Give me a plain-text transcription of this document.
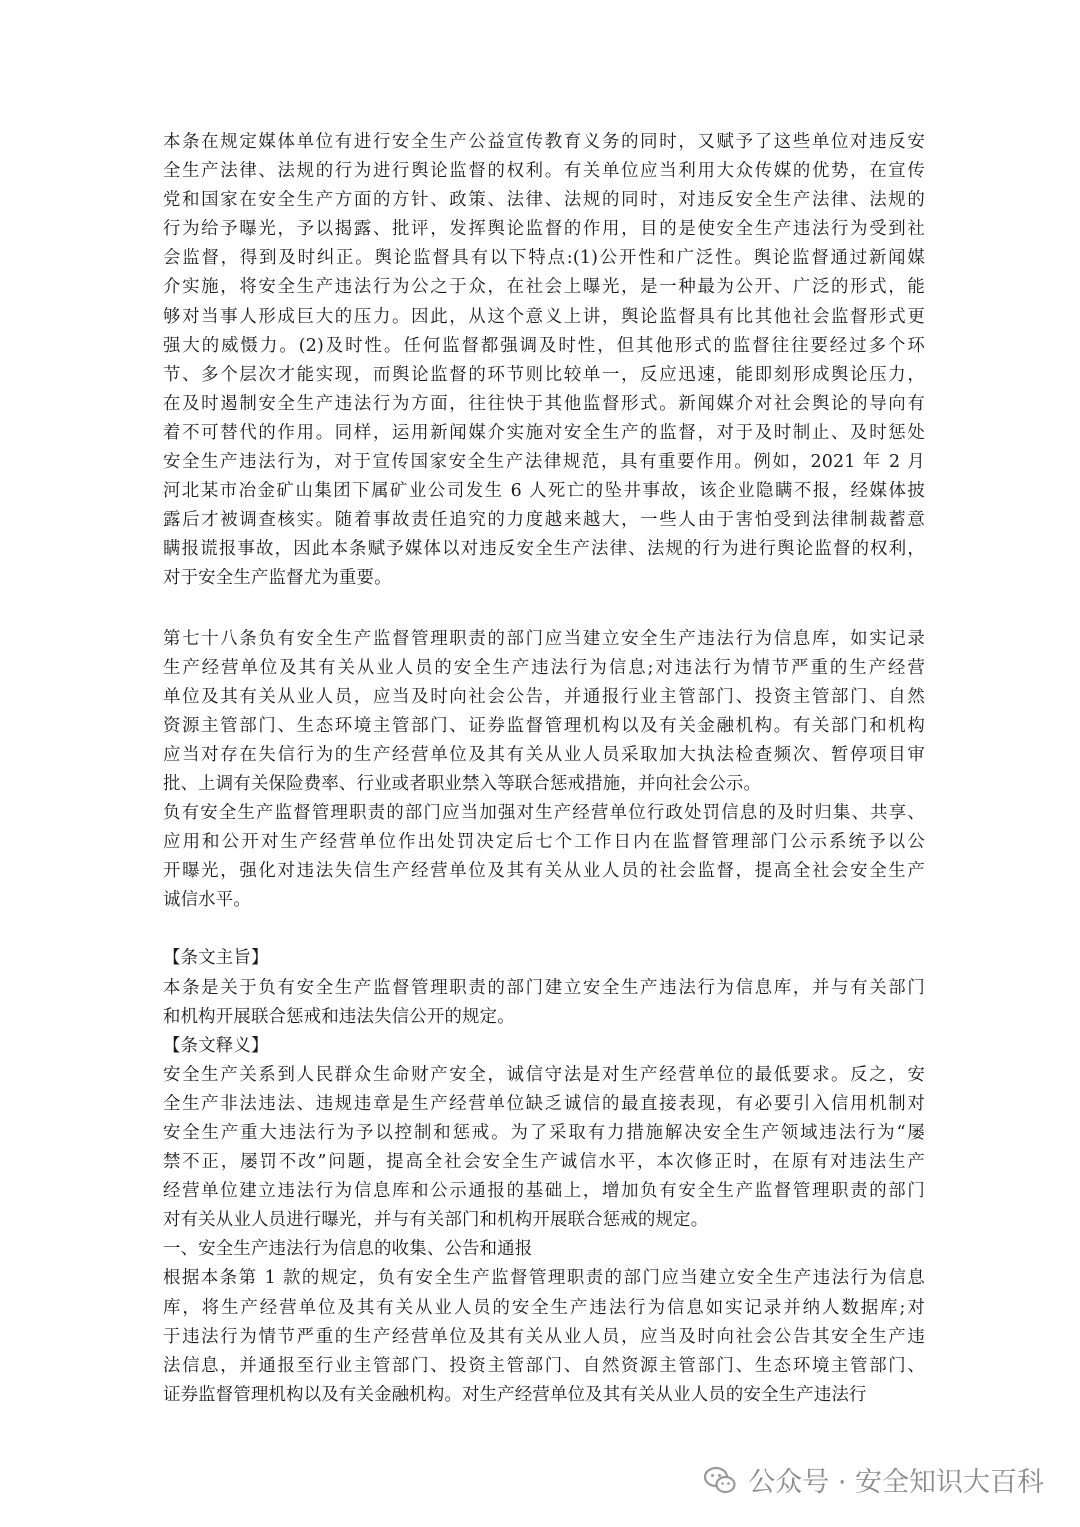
本条在规定媒体单位有进行安全生产公益宣传教育义务的同时，又赋予了这些单位对违反安
全生产法律、法规的行为进行舆论监督的权利。有关单位应当利用大众传媒的优势，在宣传
党和国家在安全生产方面的方针、政策、法律、法规的同时，对违反安全生产法律、法规的
行为给予曝光，予以揭露、批评，发挥舆论监督的作用，目的是使安全生产违法行为受到社
会监督，得到及时纠正。舆论监督具有以下特点:(1)公开性和广泛性。舆论监督通过新闻媒
介实施，将安全生产违法行为公之于众，在社会上曝光，是一种最为公开、广泛的形式，能
够对当事人形成巨大的压力。因此，从这个意义上讲，舆论监督具有比其他社会监督形式更
强大的威慑力。(2)及时性。任何监督都强调及时性，但其他形式的监督往往要经过多个环
节、多个层次才能实现，而舆论监督的环节则比较单一，反应迅速，能即刻形成舆论压力，
在及时遏制安全生产违法行为方面，往往快于其他监督形式。新闻媒介对社会舆论的导向有
着不可替代的作用。同样，运用新闻媒介实施对安全生产的监督，对于及时制止、及时惩处
安全生产违法行为，对于宣传国家安全生产法律规范，具有重要作用。例如，2021 年 2 月
河北某市冶金矿山集团下属矿业公司发生 6 人死亡的坠井事故，该企业隐瞒不报，经媒体披
露后才被调查核实。随着事故责任追究的力度越来越大，一些人由于害怕受到法律制裁蓄意
瞒报谎报事故，因此本条赋予媒体以对违反安全生产法律、法规的行为进行舆论监督的权利，
对于安全生产监督尤为重要。
第七十八条负有安全生产监督管理职责的部门应当建立安全生产违法行为信息库，如实记录
生产经营单位及其有关从业人员的安全生产违法行为信息;对违法行为情节严重的生产经营
单位及其有关从业人员，应当及时向社会公告，并通报行业主管部门、投资主管部门、自然
资源主管部门、生态环境主管部门、证券监督管理机构以及有关金融机构。有关部门和机构
应当对存在失信行为的生产经营单位及其有关从业人员采取加大执法检查频次、暂停项目审
批、上调有关保险费率、行业或者职业禁入等联合惩戒措施，并向社会公示。
负有安全生产监督管理职责的部门应当加强对生产经营单位行政处罚信息的及时归集、共享、
应用和公开对生产经营单位作出处罚决定后七个工作日内在监督管理部门公示系统予以公
开曝光，强化对违法失信生产经营单位及其有关从业人员的社会监督，提高全社会安全生产
诚信水平。
【条文主旨】
本条是关于负有安全生产监督管理职责的部门建立安全生产违法行为信息库，并与有关部门
和机构开展联合惩戒和违法失信公开的规定。
【条文释义】
安全生产关系到人民群众生命财产安全，诚信守法是对生产经营单位的最低要求。反之，安
全生产非法违法、违规违章是生产经营单位缺乏诚信的最直接表现，有必要引入信用机制对
安全生产重大违法行为予以控制和惩戒。为了采取有力措施解决安全生产领域违法行为“屡
禁不正，屡罚不改”问题，提高全社会安全生产诚信水平，本次修正时，在原有对违法生产
经营单位建立违法行为信息库和公示通报的基础上，增加负有安全生产监督管理职责的部门
对有关从业人员进行曝光，并与有关部门和机构开展联合惩戒的规定。
一、安全生产违法行为信息的收集、公告和通报
根据本条第 1 款的规定，负有安全生产监督管理职责的部门应当建立安全生产违法行为信息
库，将生产经营单位及其有关从业人员的安全生产违法行为信息如实记录并纳人数据库;对
于违法行为情节严重的生产经营单位及其有关从业人员，应当及时向社会公告其安全生产违
法信息，并通报至行业主管部门、投资主管部门、自然资源主管部门、生态环境主管部门、
证券监督管理机构以及有关金融机构。对生产经营单位及其有关从业人员的安全生产违法行
公众号 · 安全知识大百科
